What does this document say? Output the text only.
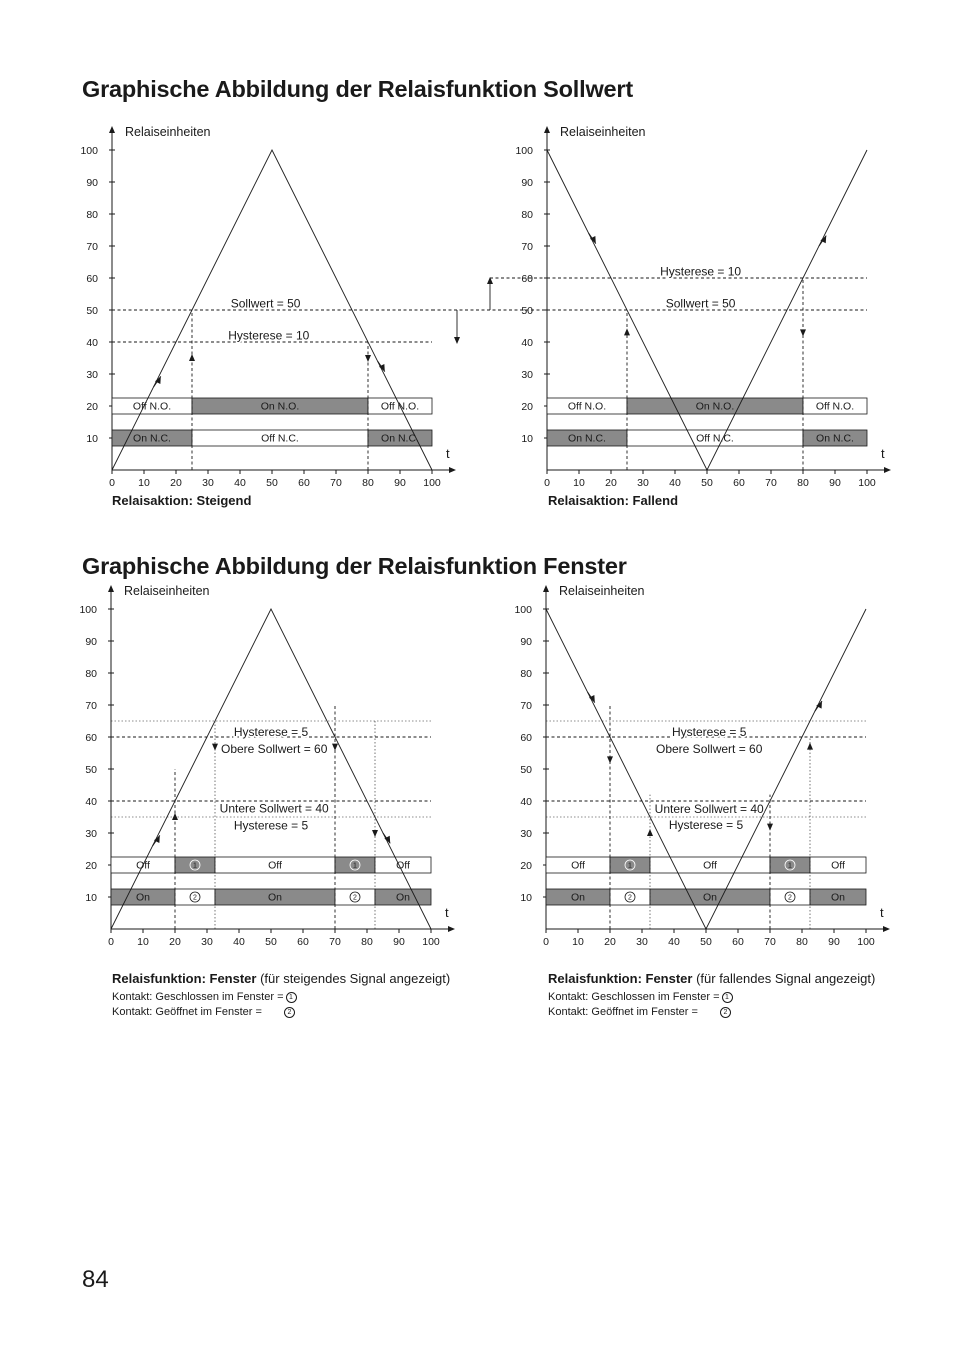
Graphische Abbildung der Relaisfunktion Sollwert
Graphische Abbildung der Relaisfunktion Fenster
Relaiseinheiten
t
0 10
10
20
20
30
30
40
40
50
50
60
60
70
70
80
80
90
90
100
100
Off N.O.	On N.O.	Off N.O.
On N.C.	Off N.C.	On N.C.
Sollwert = 50
Hysterese = 10
Relaiseinheiten
t
0 10
10
20
20
30
30
40
40
50
50
60
60
70
70
80
80
90
90
100
100
Off N.O.	On N.O.	Off N.O.
On N.C.	Off N.C.	On N.C.
Hysterese = 10
Sollwert = 50
Relaiseinheiten
t
0 10
10
20
20
30
30
40
40
50
50
60
60
70
70
80
80
90
90
100
100
Off	1	Off	1	Off
On	2	On	2	On
Hysterese = 5
Obere Sollwert = 60
Untere Sollwert = 40
Hysterese = 5
Relaiseinheiten
t
0 10
10
20
20
30
30
40
40
50
50
60
60
70
70
80
80
90
90
100
100
Off	1	Off	1	Off
On	2	On	2	On
Hysterese = 5
Obere Sollwert = 60
Untere Sollwert = 40
Hysterese = 5
Relaisaktion: Steigend	Relaisaktion: Fallend
Relaisfunktion: Fenster (für steigendes Signal angezeigt)
Kontakt: Geschlossen im Fenster = 1
Kontakt: Geöffnet im Fenster =	2
Relaisfunktion: Fenster (für fallendes Signal angezeigt)
Kontakt: Geschlossen im Fenster = 1
Kontakt: Geöffnet im Fenster =	2
84
